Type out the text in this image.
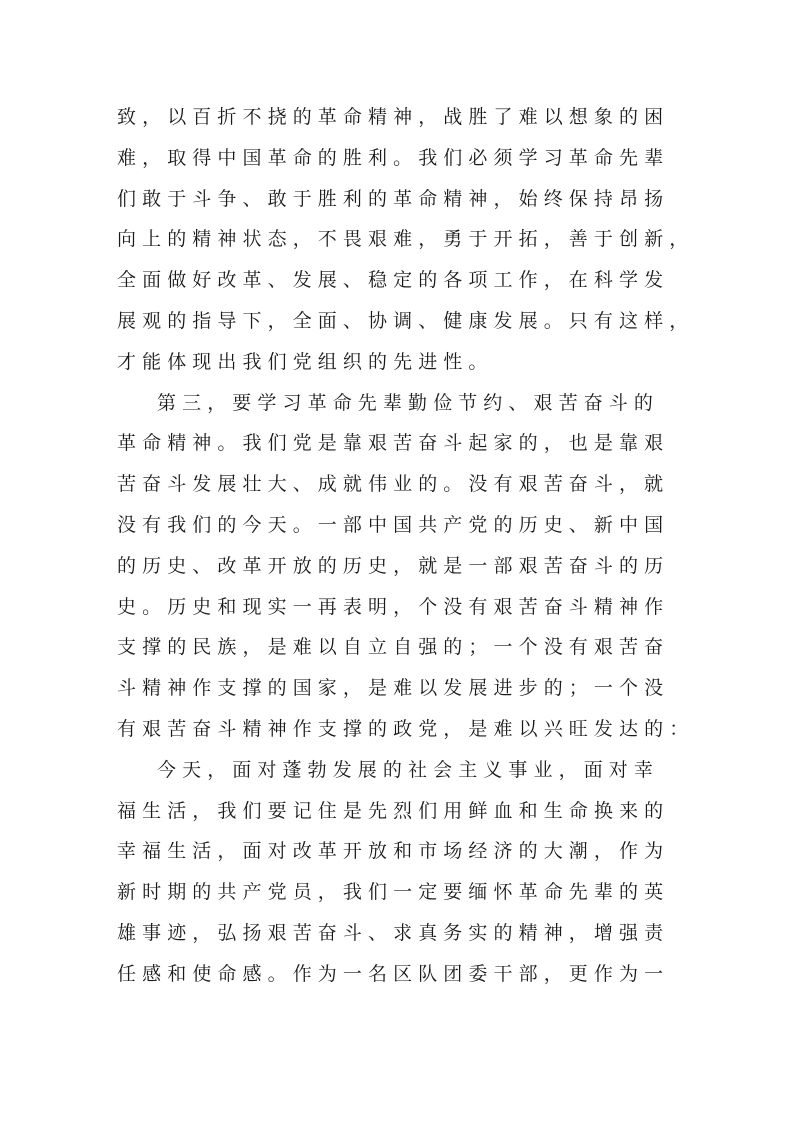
致，以百折不挠的革命精神，战胜了难以想象的困
难，取得中国革命的胜利。我们必须学习革命先辈
们敢于斗争、敢于胜利的革命精神，始终保持昂扬
向上的精神状态，不畏艰难，勇于开拓，善于创新，
全面做好改革、发展、稳定的各项工作，在科学发
展观的指导下，全面、协调、健康发展。只有这样，
才能体现出我们党组织的先进性。
第三，要学习革命先辈勤俭节约、艰苦奋斗的
革命精神。我们党是靠艰苦奋斗起家的，也是靠艰
苦奋斗发展壮大、成就伟业的。没有艰苦奋斗，就
没有我们的今天。一部中国共产党的历史、新中国
的历史、改革开放的历史，就是一部艰苦奋斗的历
史。历史和现实一再表明，个没有艰苦奋斗精神作
支撑的民族，是难以自立自强的；一个没有艰苦奋
斗精神作支撑的国家，是难以发展进步的；一个没
有艰苦奋斗精神作支撑的政党，是难以兴旺发达的：
今天，面对蓬勃发展的社会主义事业，面对幸
福生活，我们要记住是先烈们用鲜血和生命换来的
幸福生活，面对改革开放和市场经济的大潮，作为
新时期的共产党员，我们一定要缅怀革命先辈的英
雄事迹，弘扬艰苦奋斗、求真务实的精神，增强责
任感和使命感。作为一名区队团委干部，更作为一
